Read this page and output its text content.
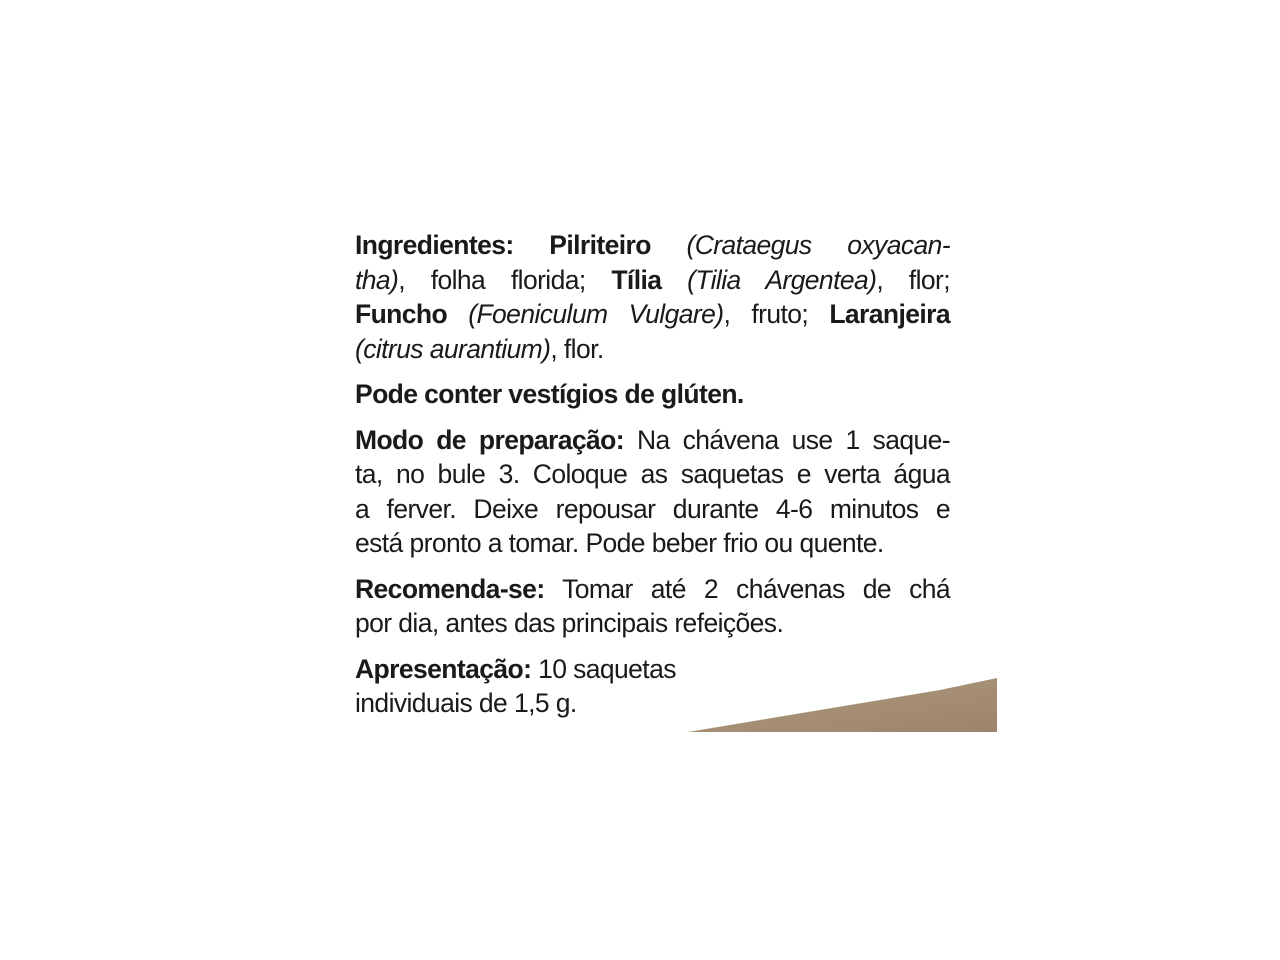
Ingredientes: Pilriteiro (Crataegus oxyacan-
tha), folha florida; Tília (Tilia Argentea), flor;
Funcho (Foeniculum Vulgare), fruto; Laranjeira
(citrus aurantium), flor.
Pode conter vestígios de glúten.
Modo de preparação: Na chávena use 1 saque-
ta, no bule 3. Coloque as saquetas e verta água
a ferver. Deixe repousar durante 4-6 minutos e
está pronto a tomar. Pode beber frio ou quente.
Recomenda-se: Tomar até 2 chávenas de chá
por dia, antes das principais refeições.
Apresentação: 10 saquetas
individuais de 1,5 g.
